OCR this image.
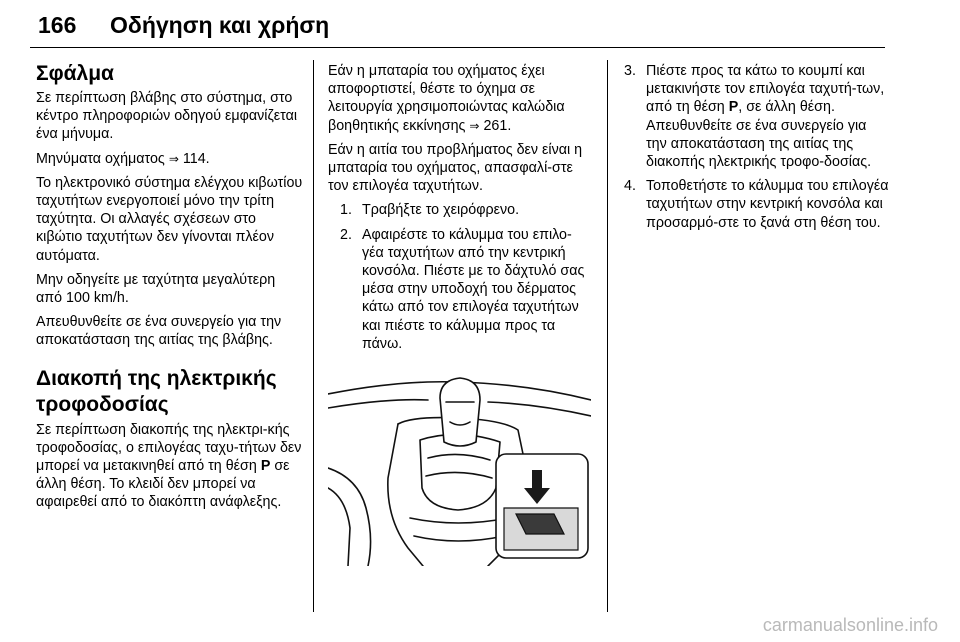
166 Οδήγηση και χρήση
Σφάλμα

Σε περίπτωση βλάβης στο σύστημα, στο κέντρο πληροφοριών οδηγού εμφανίζεται ένα μήνυμα.

Μηνύματα οχήματος ⇒ 114.

Το ηλεκτρονικό σύστημα ελέγχου κιβωτίου ταχυτήτων ενεργοποιεί μόνο την τρίτη ταχύτητα. Οι αλλαγές σχέσεων στο κιβώτιο ταχυτήτων δεν γίνονται πλέον αυτόματα.

Μην οδηγείτε με ταχύτητα μεγαλύτερη από 100 km/h.

Απευθυνθείτε σε ένα συνεργείο για την αποκατάσταση της αιτίας της βλάβης.

Διακοπή της ηλεκτρικής τροφοδοσίας

Σε περίπτωση διακοπής της ηλεκτρι-κής τροφοδοσίας, ο επιλογέας ταχυ-τήτων δεν μπορεί να μετακινηθεί από τη θέση P σε άλλη θέση. Το κλειδί δεν μπορεί να αφαιρεθεί από το διακόπτη ανάφλεξης.

Εάν η μπαταρία του οχήματος έχει αποφορτιστεί, θέστε το όχημα σε λειτουργία χρησιμοποιώντας καλώδια βοηθητικής εκκίνησης ⇒ 261.

Εάν η αιτία του προβλήματος δεν είναι η μπαταρία του οχήματος, απασφαλί-στε τον επιλογέα ταχυτήτων.

1. Τραβήξτε το χειρόφρενο.
2. Αφαιρέστε το κάλυμμα του επιλο-γέα ταχυτήτων από την κεντρική κονσόλα. Πιέστε με το δάχτυλό σας μέσα στην υποδοχή του δέρματος κάτω από τον επιλογέα ταχυτήτων και πιέστε το κάλυμμα προς τα πάνω.
3. Πιέστε προς τα κάτω το κουμπί και μετακινήστε τον επιλογέα ταχυτή-των, από τη θέση P, σε άλλη θέση. Απευθυνθείτε σε ένα συνεργείο για την αποκατάσταση της αιτίας της διακοπής ηλεκτρικής τροφο-δοσίας.
4. Τοποθετήστε το κάλυμμα του επιλογέα ταχυτήτων στην κεντρική κονσόλα και προσαρμό-στε το ξανά στη θέση του.
carmanualsonline.info
